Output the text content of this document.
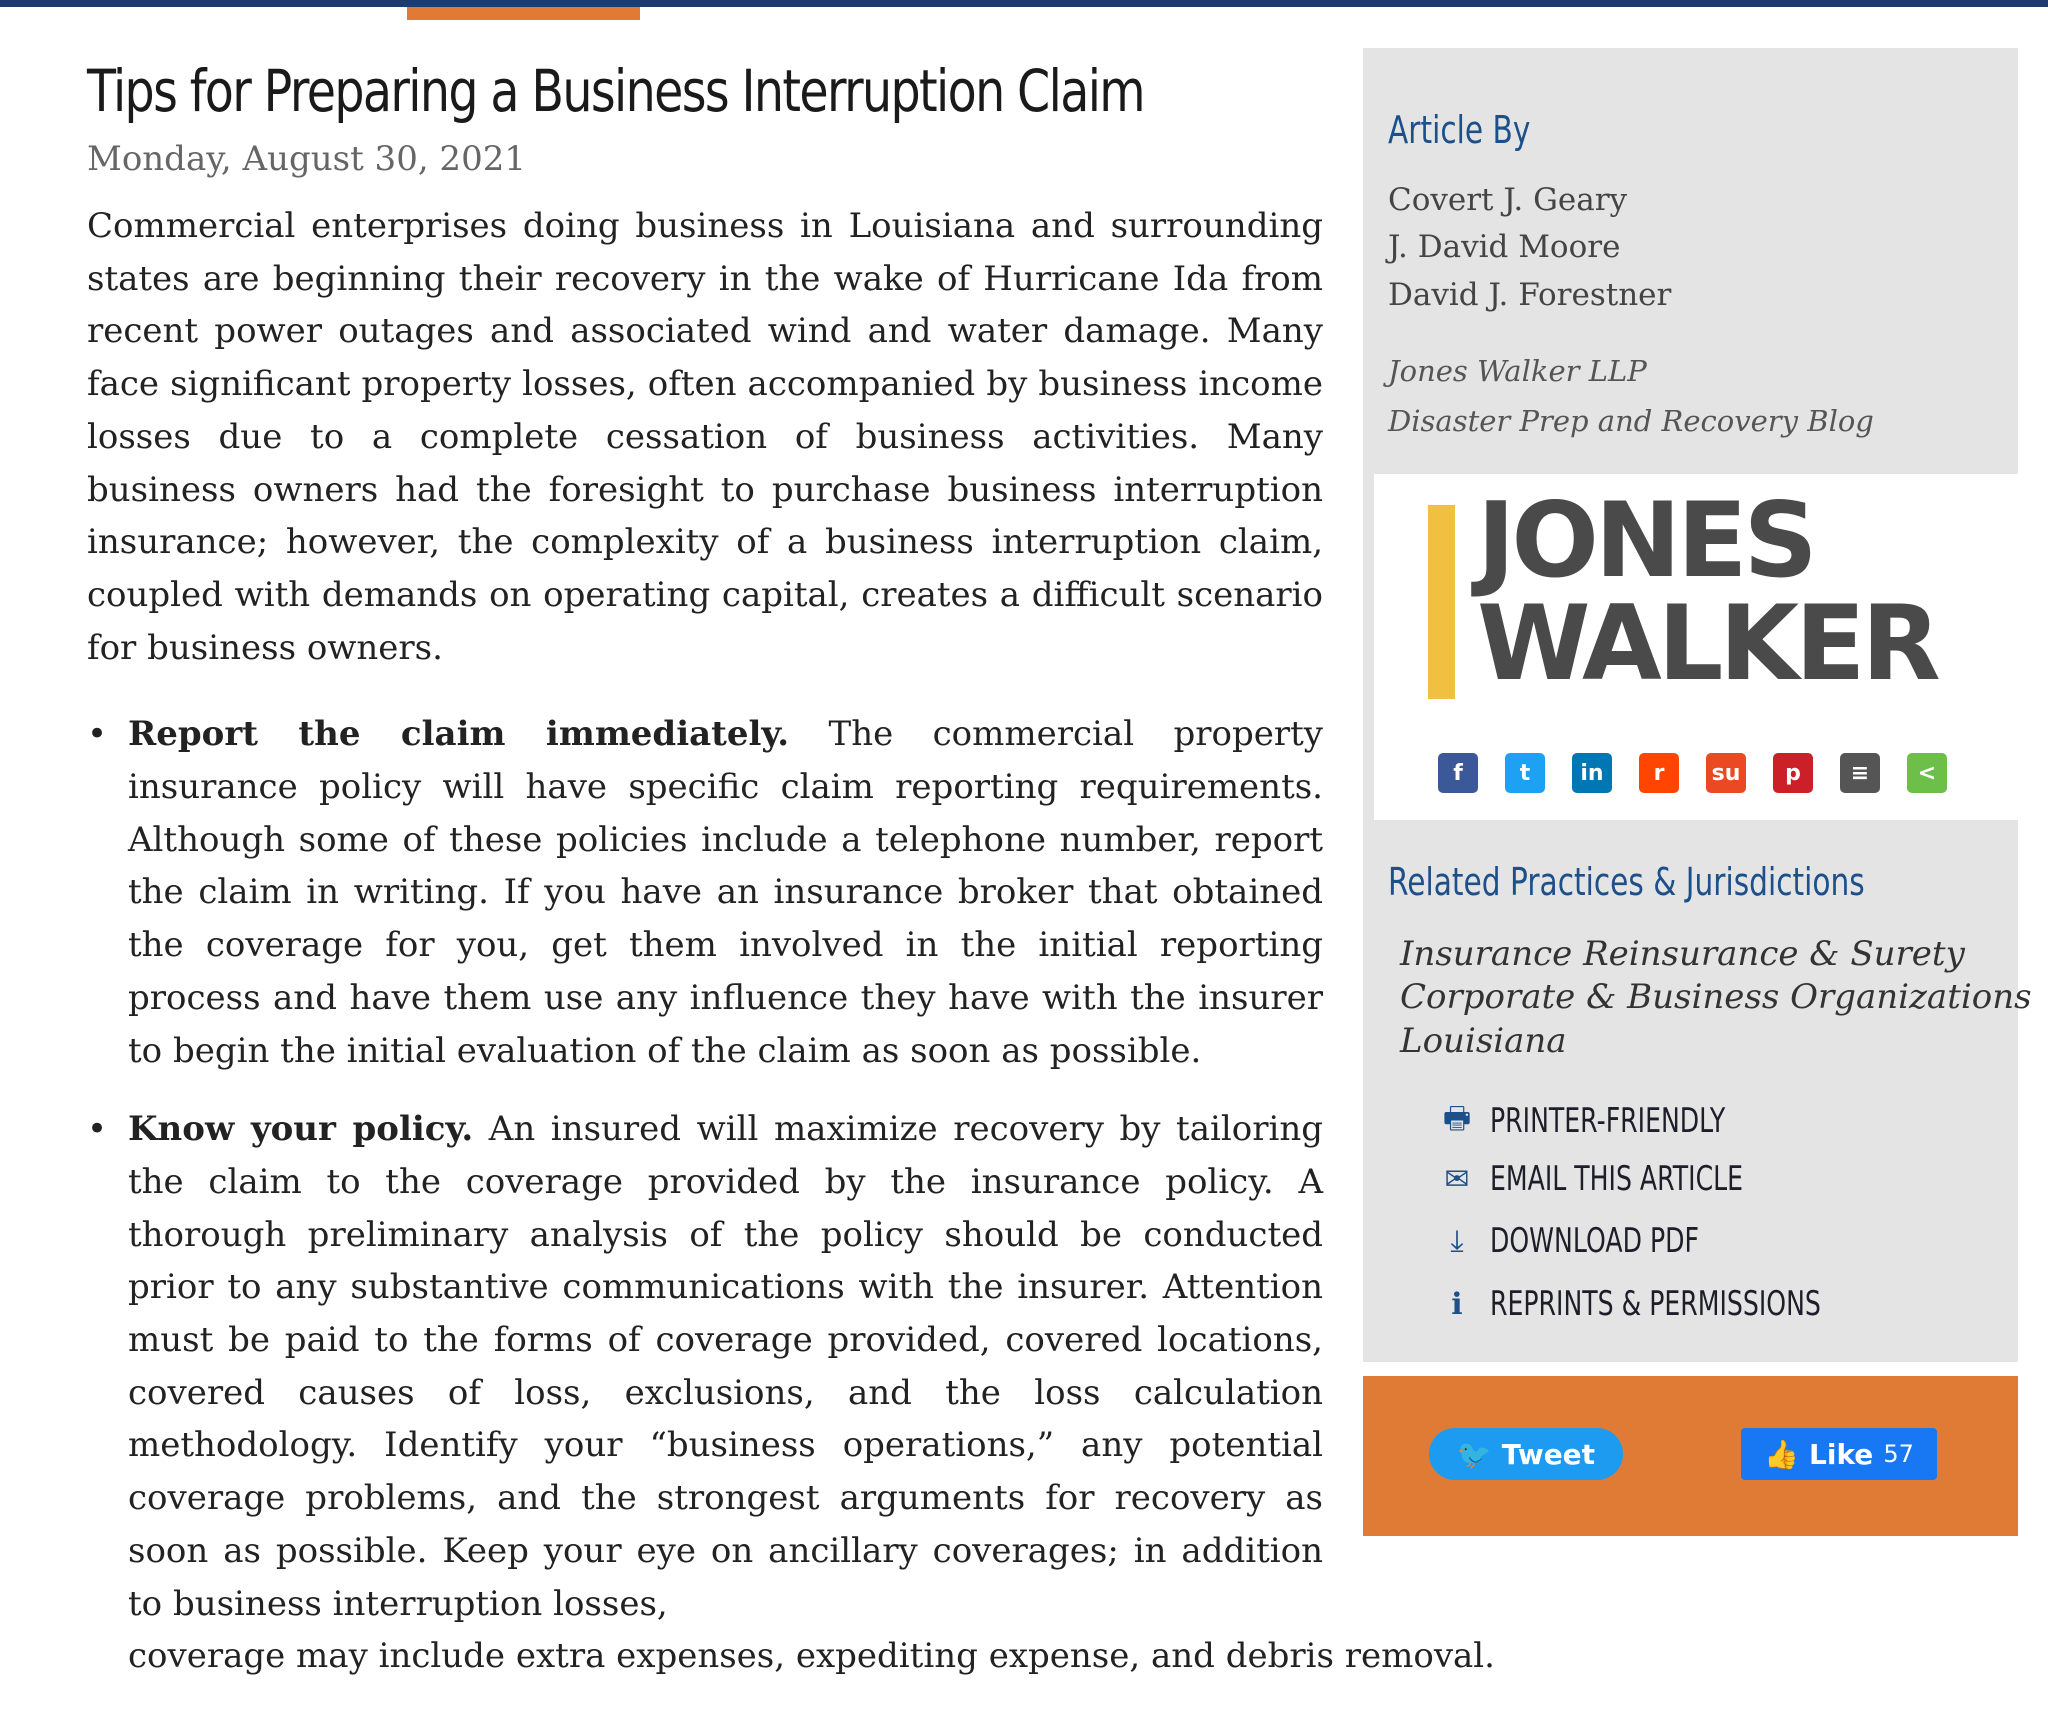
Tips for Preparing a Business Interruption Claim
Monday, August 30, 2021

Commercial enterprises doing business in Louisiana and surrounding states are beginning their recovery in the wake of Hurricane Ida from recent power outages and associated wind and water damage. Many face significant property losses, often accompanied by business income losses due to a complete cessation of business activities. Many business owners had the foresight to purchase business interruption insurance; however, the complexity of a business interruption claim, coupled with demands on operating capital, creates a difficult scenario for business owners.

• Report the claim immediately. The commercial property insurance policy will have specific claim reporting requirements. Although some of these policies include a telephone number, report the claim in writing. If you have an insurance broker that obtained the coverage for you, get them involved in the initial reporting process and have them use any influence they have with the insurer to begin the initial evaluation of the claim as soon as possible.
• Know your policy. An insured will maximize recovery by tailoring the claim to the coverage provided by the insurance policy. A thorough preliminary analysis of the policy should be conducted prior to any substantive communications with the insurer. Attention must be paid to the forms of coverage provided, covered locations, covered causes of loss, exclusions, and the loss calculation methodology. Identify your “business operations,” any potential coverage problems, and the strongest arguments for recovery as soon as possible. Keep your eye on ancillary coverages; in addition to business interruption losses,
coverage may include extra expenses, expediting expense, and debris removal.
Article By
Covert J. Geary
J. David Moore
David J. Forestner
Jones Walker LLP
Disaster Prep and Recovery Blog
JONES
WALKER
f	t	in	r	su	p	≡	<
Related Practices & Jurisdictions
Insurance Reinsurance & Surety
Corporate & Business Organizations
Louisiana
🖶 PRINTER-FRIENDLY
✉ EMAIL THIS ARTICLE
⤓ DOWNLOAD PDF
ℹ REPRINTS & PERMISSIONS
🐦 Tweet	👍 Like 57
